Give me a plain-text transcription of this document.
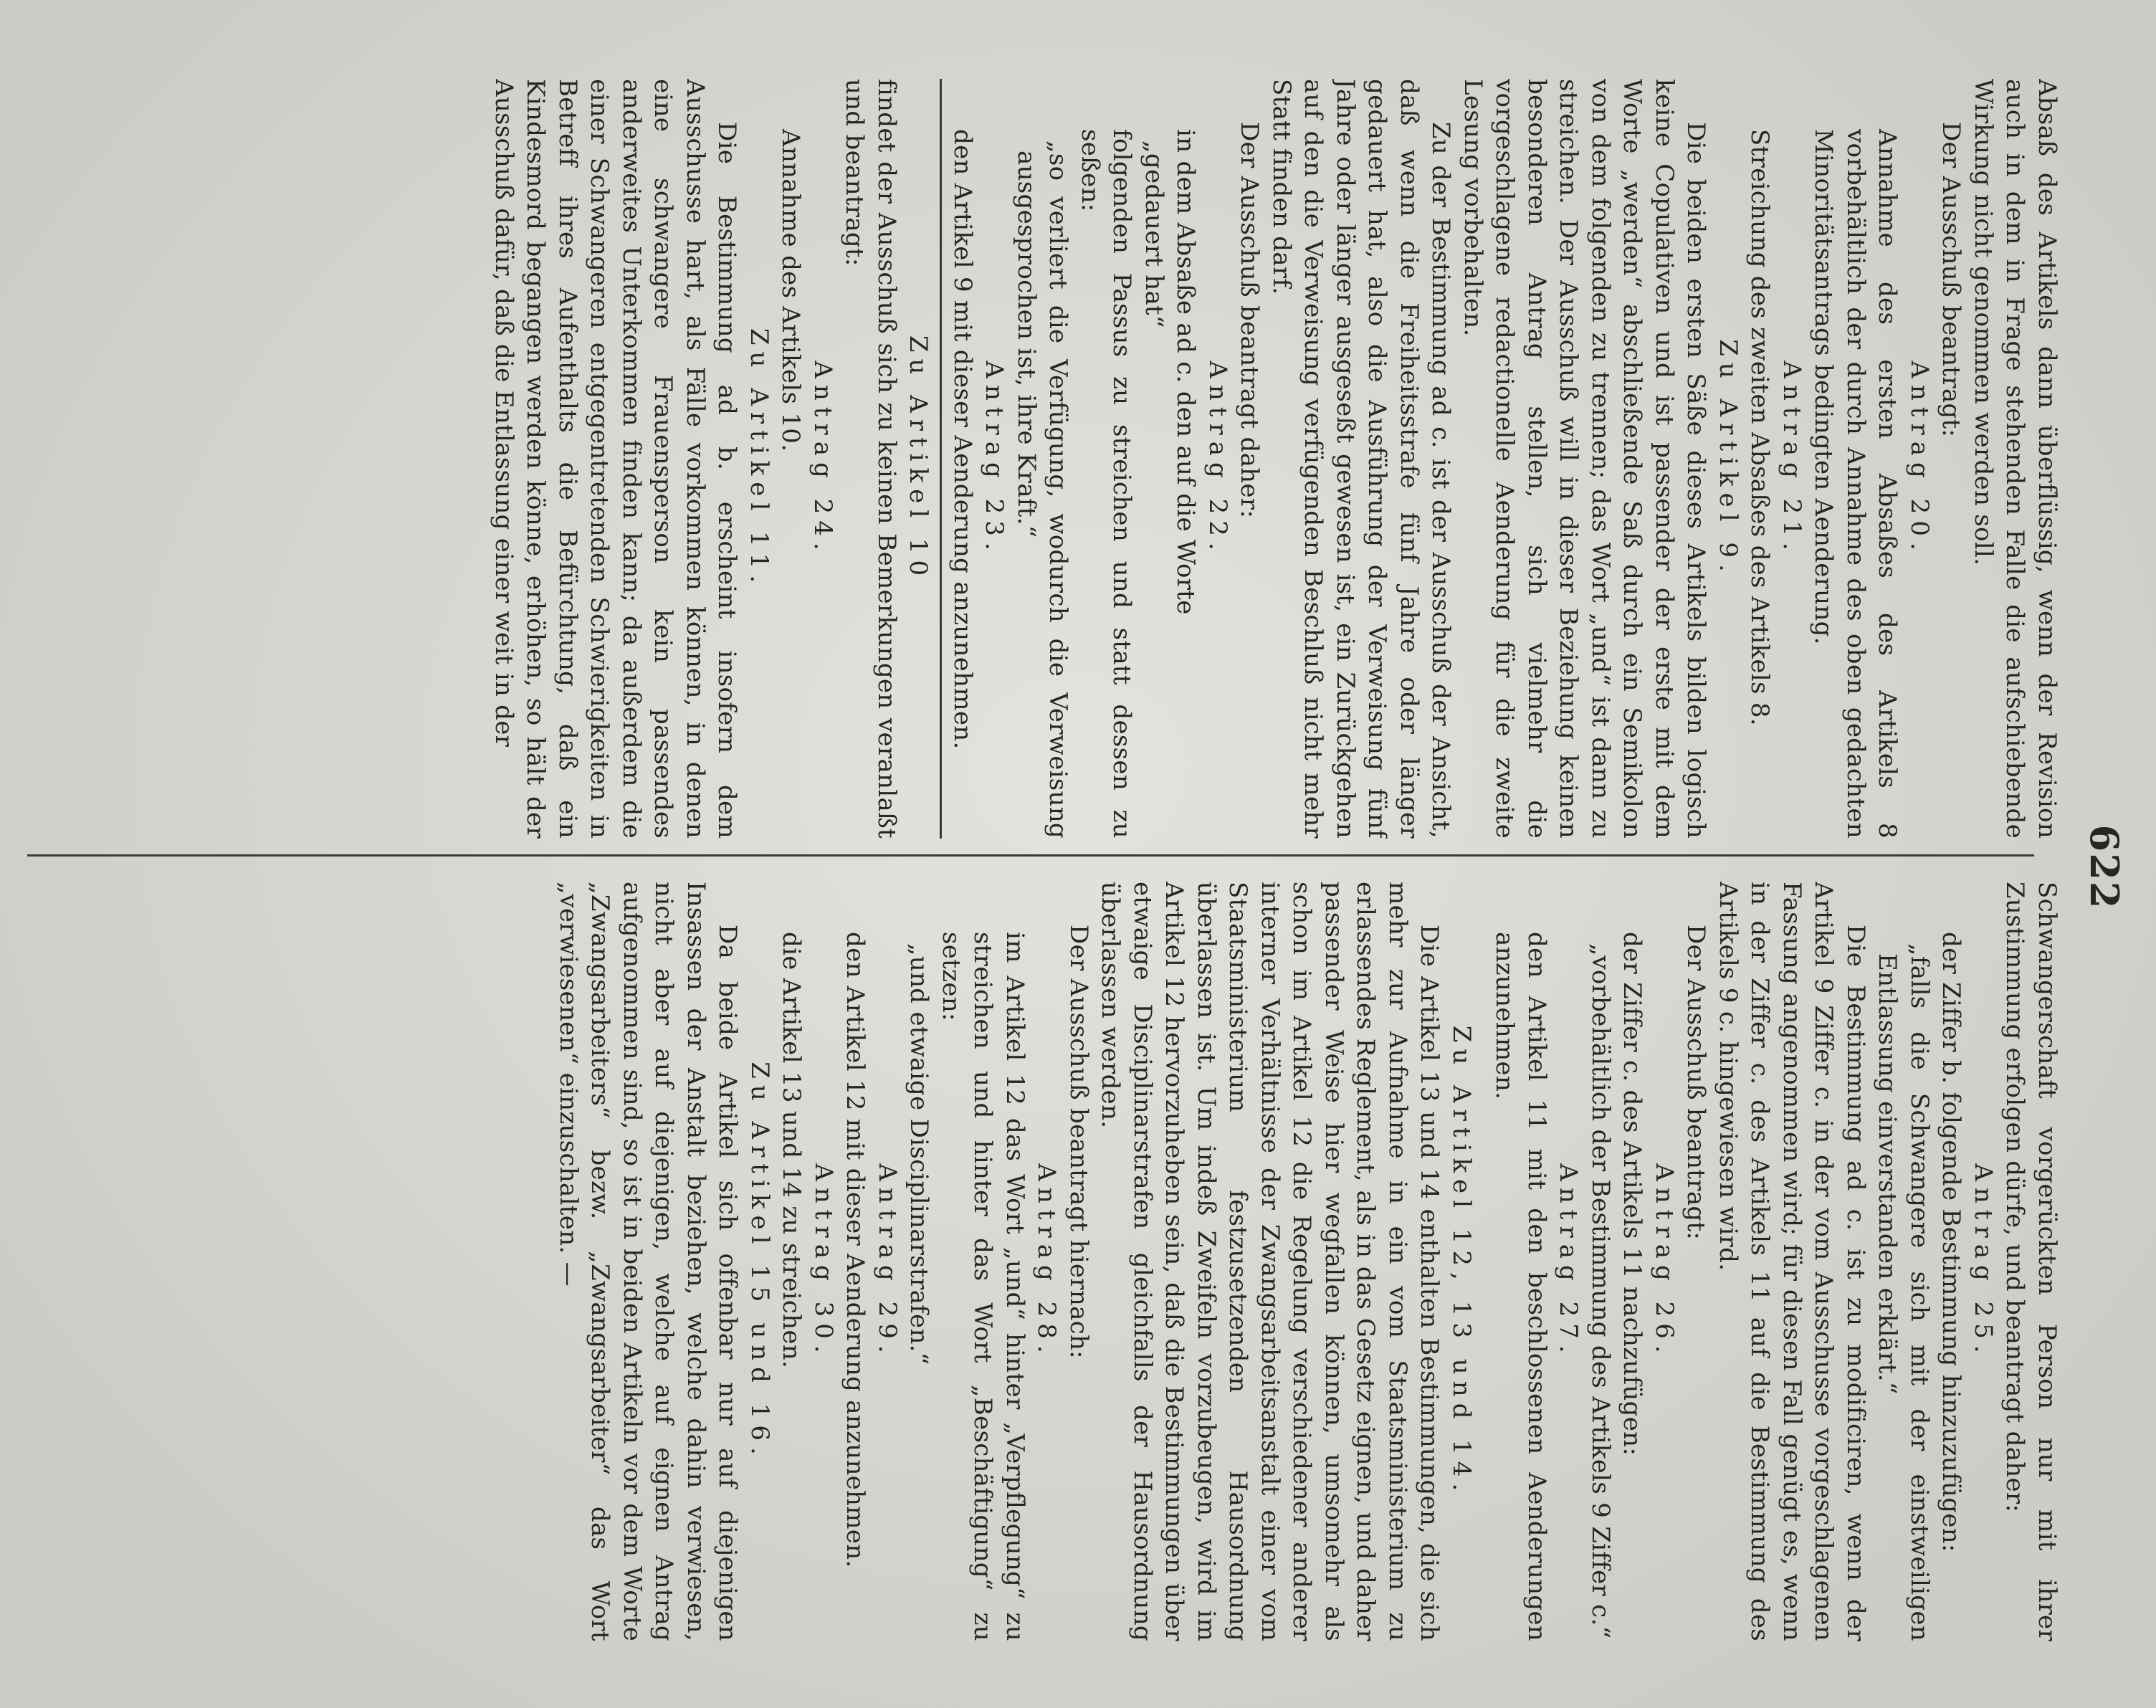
622
Absaß des Artikels dann überflüssig, wenn der Revision auch in dem in Frage stehenden Falle die aufschiebende Wirkung nicht genommen werden soll.
Der Ausschuß beantragt:
Antrag 20.
Annahme des ersten Absaßes des Artikels 8 vorbehältlich der durch Annahme des oben gedachten Minoritätsantrags bedingten Aenderung.
Antrag 21.
Streichung des zweiten Absaßes des Artikels 8.
Zu Artikel 9.
Die beiden ersten Säße dieses Artikels bilden logisch keine Copulativen und ist passender der erste mit dem Worte „werden“ abschließende Saß durch ein Semikolon von dem folgenden zu trennen; das Wort „und“ ist dann zu streichen. Der Ausschuß will in dieser Beziehung keinen besonderen Antrag stellen, sich vielmehr die vorgeschlagene redactionelle Aenderung für die zweite Lesung vorbehalten.
Zu der Bestimmung ad c. ist der Ausschuß der Ansicht, daß wenn die Freiheitsstrafe fünf Jahre oder länger gedauert hat, also die Ausführung der Verweisung fünf Jahre oder länger ausgeseßt gewesen ist, ein Zurückgehen auf den die Verweisung verfügenden Beschluß nicht mehr Statt finden darf.
Der Ausschuß beantragt daher:
Antrag 22.
in dem Absaße ad c. den auf die Worte
„gedauert hat“
folgenden Passus zu streichen und statt dessen zu seßen:
„so verliert die Verfügung, wodurch die Verweisung ausgesprochen ist, ihre Kraft.“
Antrag 23.
den Artikel 9 mit dieser Aenderung anzunehmen.
Zu Artikel 10
findet der Ausschuß sich zu keinen Bemerkungen veranlaßt und beantragt:
Antrag 24.
Annahme des Artikels 10.
Zu Artikel 11.
Die Bestimmung ad b. erscheint insofern dem Ausschusse hart, als Fälle vorkommen können, in denen eine schwangere Frauensperson kein passendes anderweites Unterkommen finden kann; da außerdem die einer Schwangeren entgegentretenden Schwierigkeiten in Betreff ihres Aufenthalts die Befürchtung, daß ein Kindesmord begangen werden könne, erhöhen, so hält der Ausschuß dafür, daß die Entlassung einer weit in der
Schwangerschaft vorgerückten Person nur mit ihrer Zustimmung erfolgen dürfe, und beantragt daher:
Antrag 25.
der Ziffer b. folgende Bestimmung hinzuzufügen:
„falls die Schwangere sich mit der einstweiligen Entlassung einverstanden erklärt.“
Die Bestimmung ad c. ist zu modificiren, wenn der Artikel 9 Ziffer c. in der vom Ausschusse vorgeschlagenen Fassung angenommen wird; für diesen Fall genügt es, wenn in der Ziffer c. des Artikels 11 auf die Bestimmung des Artikels 9 c. hingewiesen wird.
Der Ausschuß beantragt:
Antrag 26.
der Ziffer c. des Artikels 11 nachzufügen:
„vorbehältlich der Bestimmung des Artikels 9 Ziffer c.“
Antrag 27.
den Artikel 11 mit den beschlossenen Aenderungen anzunehmen.
Zu Artikel 12, 13 und 14.
Die Artikel 13 und 14 enthalten Bestimmungen, die sich mehr zur Aufnahme in ein vom Staatsministerium zu erlassendes Reglement, als in das Gesetz eignen, und daher passender Weise hier wegfallen können, umsomehr als schon im Artikel 12 die Regelung verschiedener anderer interner Verhältnisse der Zwangsarbeitsanstalt einer vom Staatsministerium festzusetzenden Hausordnung überlassen ist. Um indeß Zweifeln vorzubeugen, wird im Artikel 12 hervorzuheben sein, daß die Bestimmungen über etwaige Disciplinarstrafen gleichfalls der Hausordnung überlassen werden.
Der Ausschuß beantragt hiernach:
Antrag 28.
im Artikel 12 das Wort „und“ hinter „Verpflegung“ zu streichen und hinter das Wort „Beschäftigung“ zu setzen:
„und etwaige Disciplinarstrafen.“
Antrag 29.
den Artikel 12 mit dieser Aenderung anzunehmen.
Antrag 30.
die Artikel 13 und 14 zu streichen.
Zu Artikel 15 und 16.
Da beide Artikel sich offenbar nur auf diejenigen Insassen der Anstalt beziehen, welche dahin verwiesen, nicht aber auf diejenigen, welche auf eignen Antrag aufgenommen sind, so ist in beiden Artikeln vor dem Worte „Zwangsarbeiters“ bezw. „Zwangsarbeiter“ das Wort „verwiesenen“ einzuschalten. —
